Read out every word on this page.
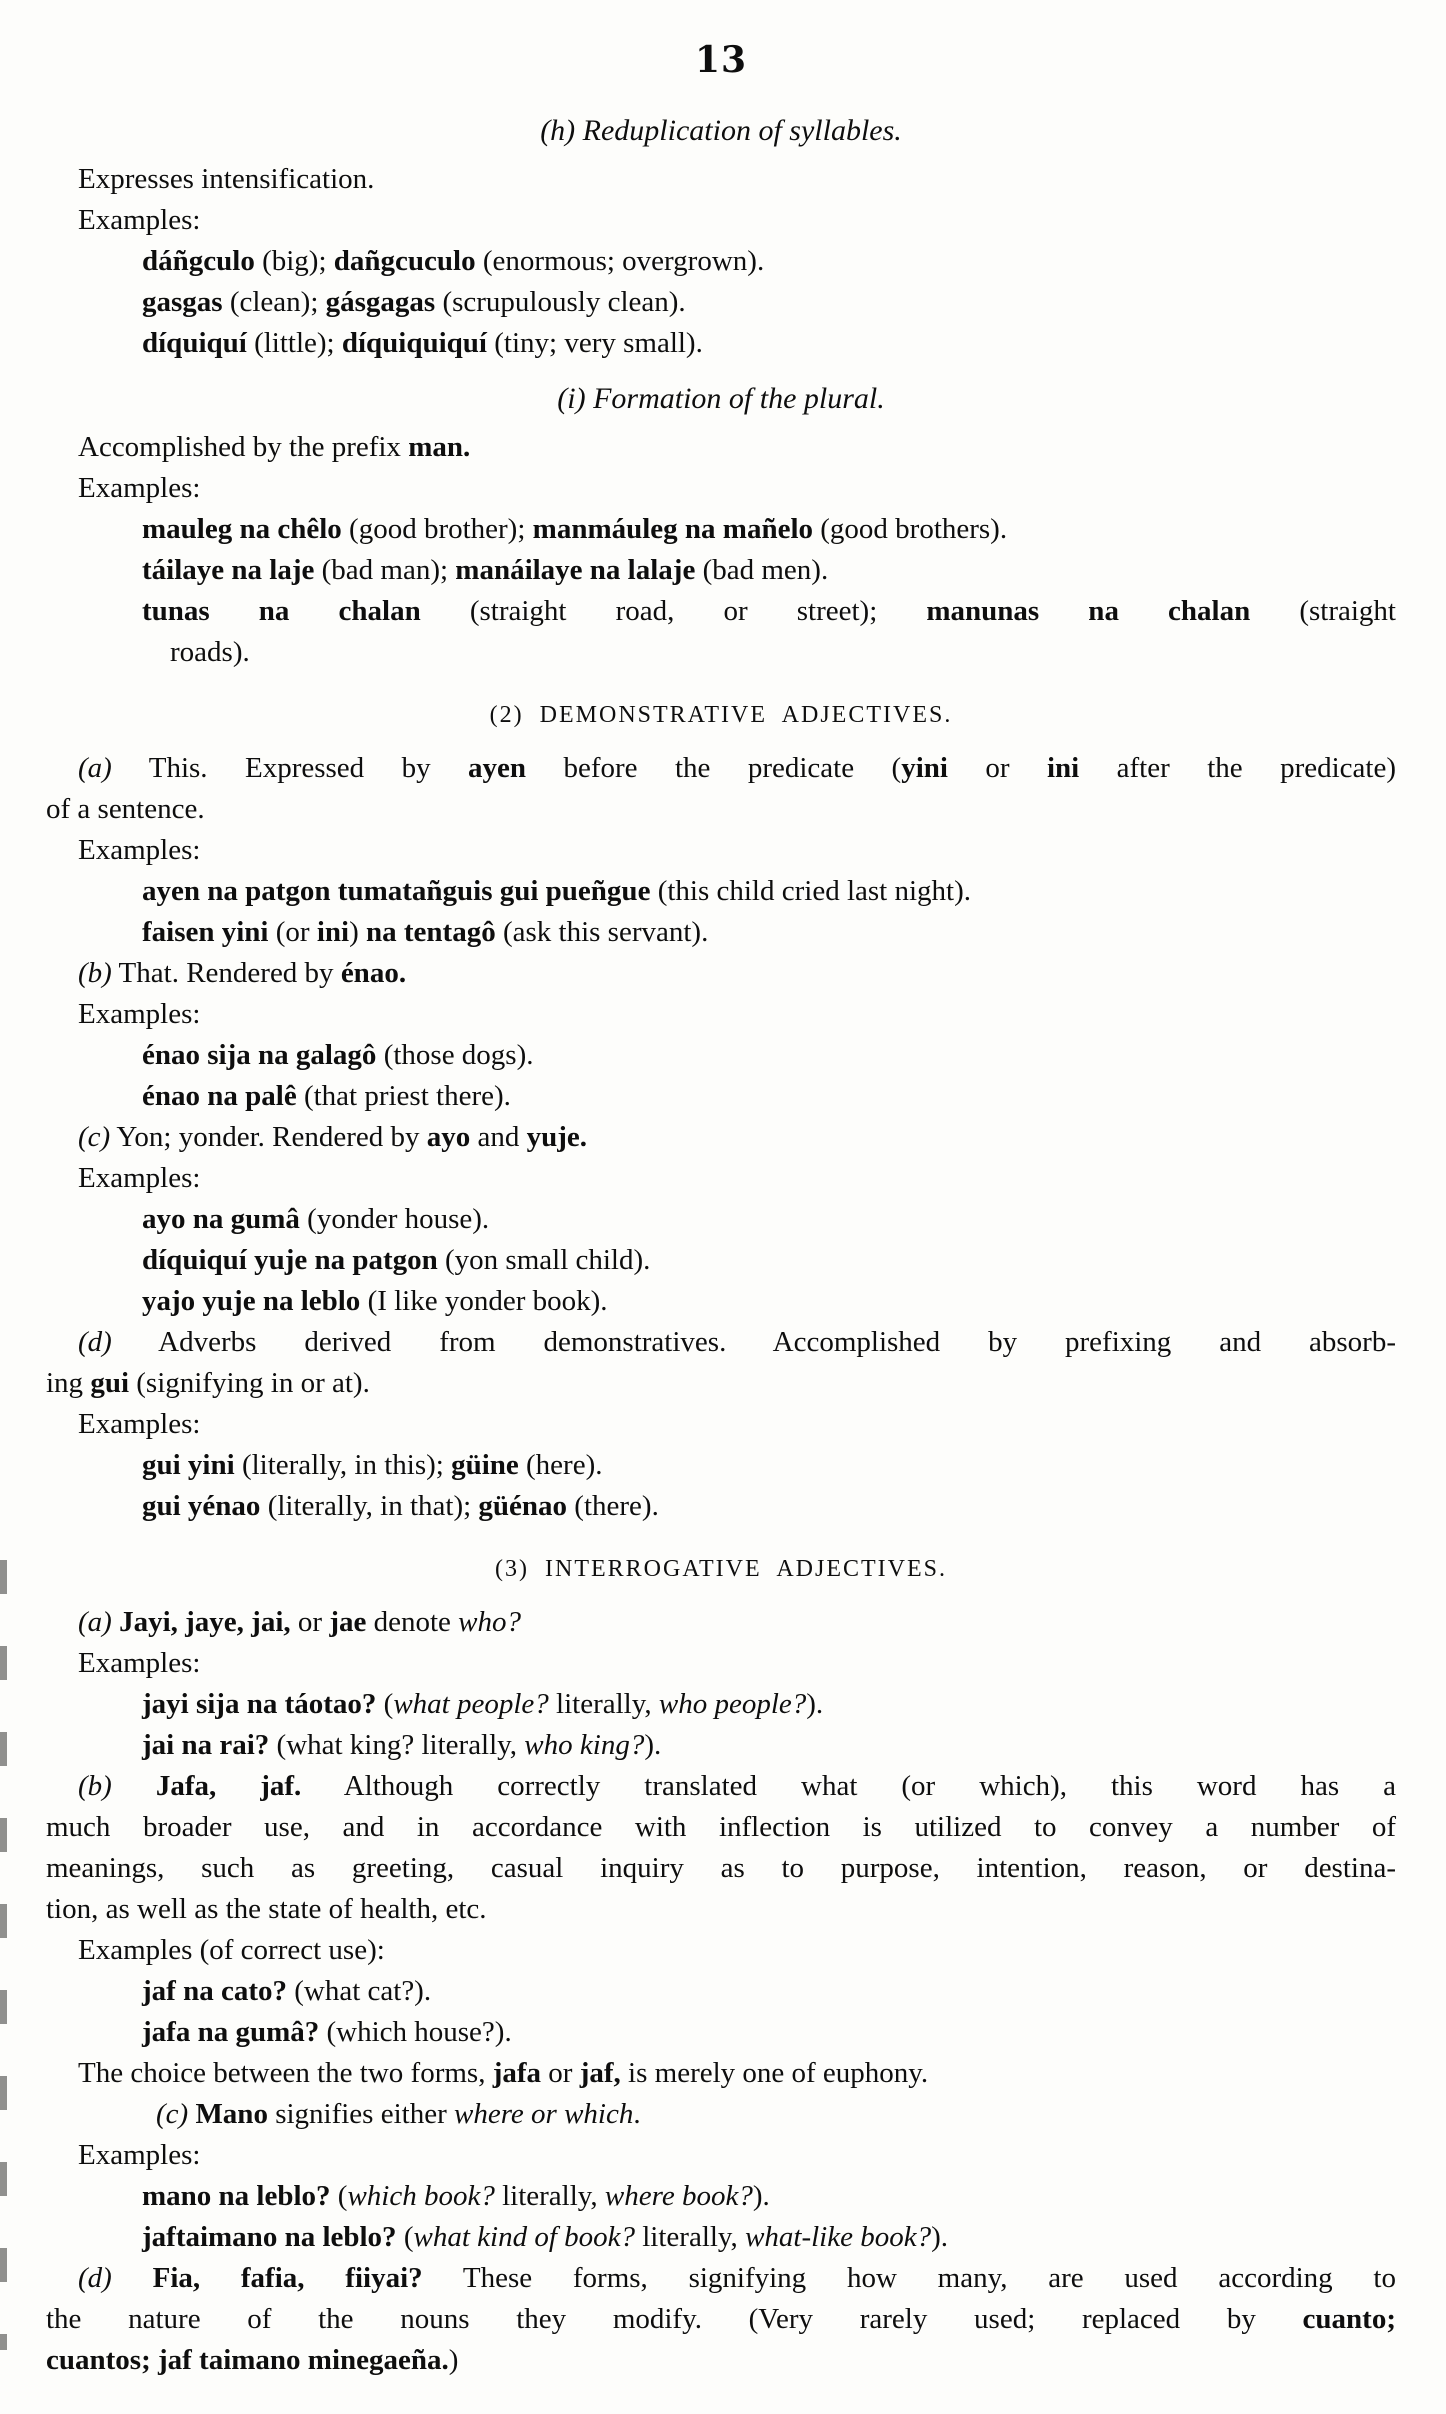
13

(h) Reduplication of syllables.

Expresses intensification.

Examples:

dáñgculo (big); dañgcuculo (enormous; overgrown).

gasgas (clean); gásgagas (scrupulously clean).

díquiquí (little); díquiquiquí (tiny; very small).

(i) Formation of the plural.

Accomplished by the prefix man.

Examples:

mauleg na chêlo (good brother); manmáuleg na mañelo (good brothers).

táilaye na laje (bad man); manáilaye na lalaje (bad men).

tunas na chalan (straight road, or street); manunas na chalan (straight

roads).

(2) DEMONSTRATIVE ADJECTIVES.

(a) This. Expressed by ayen before the predicate (yini or ini after the predicate)

of a sentence.

Examples:

ayen na patgon tumatañguis gui pueñgue (this child cried last night).

faisen yini (or ini) na tentagô (ask this servant).

(b) That. Rendered by énao.

Examples:

énao sija na galagô (those dogs).

énao na palê (that priest there).

(c) Yon; yonder. Rendered by ayo and yuje.

Examples:

ayo na gumâ (yonder house).

díquiquí yuje na patgon (yon small child).

yajo yuje na leblo (I like yonder book).

(d) Adverbs derived from demonstratives. Accomplished by prefixing and absorb-

ing gui (signifying in or at).

Examples:

gui yini (literally, in this); güine (here).

gui yénao (literally, in that); güénao (there).

(3) INTERROGATIVE ADJECTIVES.

(a) Jayi, jaye, jai, or jae denote who?

Examples:

jayi sija na táotao? (what people? literally, who people?).

jai na rai? (what king? literally, who king?).

(b) Jafa, jaf. Although correctly translated what (or which), this word has a

much broader use, and in accordance with inflection is utilized to convey a number of

meanings, such as greeting, casual inquiry as to purpose, intention, reason, or destina-

tion, as well as the state of health, etc.

Examples (of correct use):

jaf na cato? (what cat?).

jafa na gumâ? (which house?).

The choice between the two forms, jafa or jaf, is merely one of euphony.

(c) Mano signifies either where or which.

Examples:

mano na leblo? (which book? literally, where book?).

jaftaimano na leblo? (what kind of book? literally, what-like book?).

(d) Fia, fafia, fiiyai? These forms, signifying how many, are used according to

the nature of the nouns they modify. (Very rarely used; replaced by cuanto;

cuantos; jaf taimano minegaeña.)
